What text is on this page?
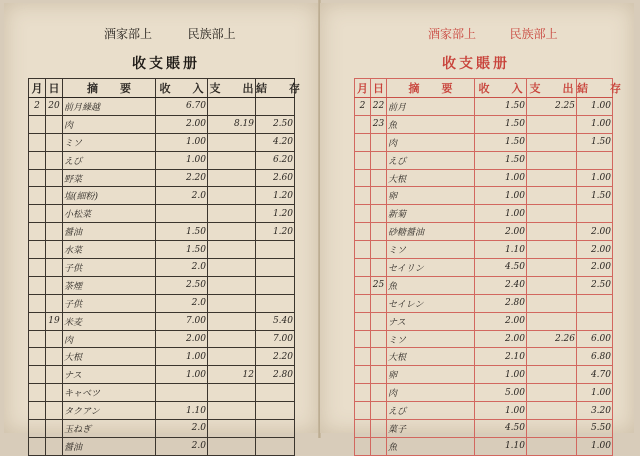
酒家部上	民族部上
收支賬册
月	日	摘　　要	收　　入	支　　出	結　　存
2	20	前月繰越	6.70		
		肉	2.00	8.19	2.50
		ミソ	1.00		4.20
		えび	1.00		6.20
		野菜	2.20		2.60
		塩(細粉)	2.0		1.20
		小松菜			1.20
		醤油	1.50		1.20
		水菜	1.50		
		子供	2.0		
		茶煙	2.50		
		子供	2.0		
	19	米麦	7.00		5.40
		肉	2.00		7.00
		大根	1.00		2.20
		ナス	1.00	12	2.80
		キャベツ			
		タクアン	1.10		
		玉ねぎ	2.0		
		醤油	2.0		
酒家部上	民族部上
收支賬册
月	日	摘　　要	收　　入	支　　出	結　　存
2	22	前月	1.50	2.25	1.00
	23	魚	1.50		1.00
		肉	1.50		1.50
		えび	1.50		
		大根	1.00		1.00
		卵	1.00		1.50
		新菊	1.00		
		砂糖醤油	2.00		2.00
		ミソ	1.10		2.00
		セイリン	4.50		2.00
	25	魚	2.40		2.50
		セイレン	2.80		
		ナス	2.00		
		ミソ	2.00	2.26	6.00
		大根	2.10		6.80
		卵	1.00		4.70
		肉	5.00		1.00
		えび	1.00		3.20
		菓子	4.50		5.50
		魚	1.10		1.00
